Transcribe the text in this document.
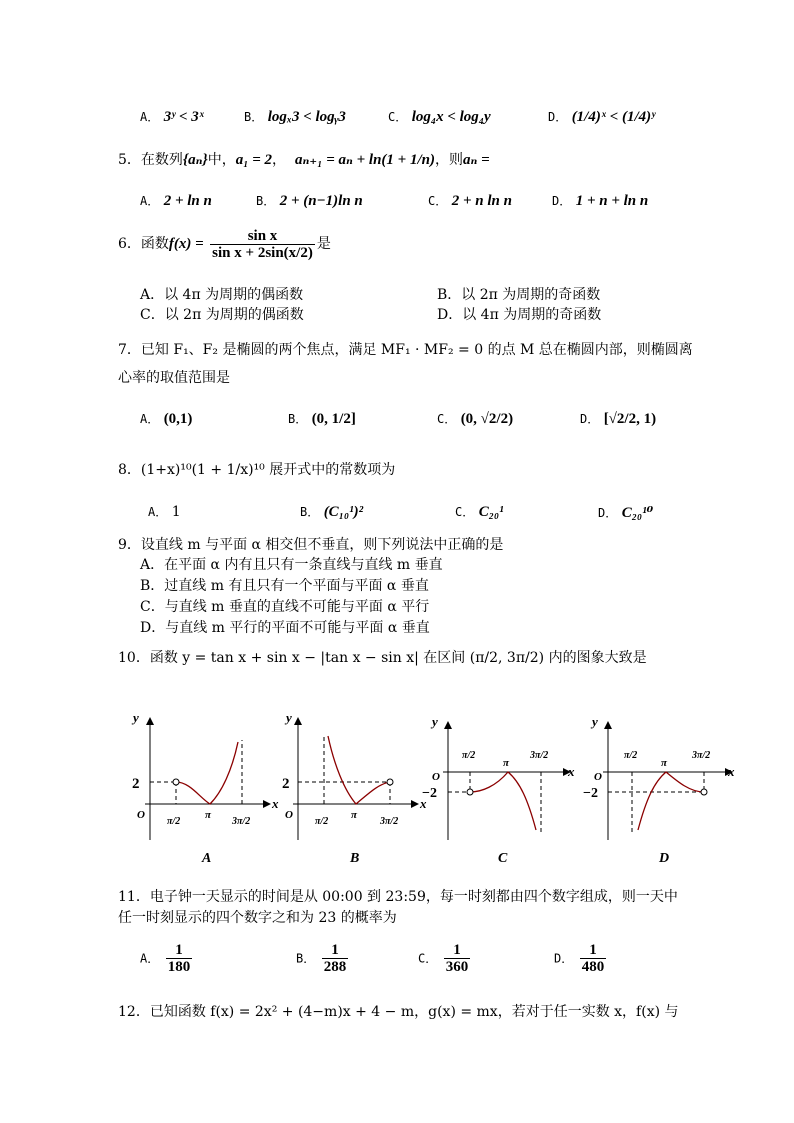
A． 3ʸ < 3ˣ	B． logₓ3 < logᵧ3	C． log₄x < log₄y	D． (1/4)ˣ < (1/4)ʸ
5．在数列{aₙ}中，a₁ = 2， aₙ₊₁ = aₙ + ln(1 + 1/n)，则aₙ =
A． 2 + ln n	B． 2 + (n−1)ln n	C． 2 + n ln n	D． 1 + n + ln n
6．函数$f(x) = \frac{\text{sin x}}{\text{sin x + 2sin(x/2)}}$ 是
A．以 4π 为周期的偶函数	B．以 2π 为周期的奇函数
C．以 2π 为周期的偶函数	D．以 4π 为周期的奇函数
7．已知 F₁、F₂ 是椭圆的两个焦点，满足 MF₁ · MF₂ = 0 的点 M 总在椭圆内部，则椭圆离
心率的取值范围是
A． (0,1)	B． (0, 1/2]	C． (0, √2/2)	D． [√2/2, 1)
8．(1+x)¹⁰(1 + 1/x)¹⁰ 展开式中的常数项为
A． 1	B． (C₁₀¹)²	C． C₂₀¹	D． C₂₀¹⁰
9．设直线 m 与平面 α 相交但不垂直，则下列说法中正确的是
A．在平面 α 内有且只有一条直线与直线 m 垂直
B．过直线 m 有且只有一个平面与平面 α 垂直
C．与直线 m 垂直的直线不可能与平面 α 平行
D．与直线 m 平行的平面不可能与平面 α 垂直
10．函数 y = tan x + sin x − |tan x − sin x| 在区间 (π/2, 3π/2) 内的图象大致是
y
x
O
2
π/2
π
3π/2
A
y
x
O
2
π/2
π
3π/2
B
y
x
O
−2
π/2
π
3π/2
C
y
x
O
−2
π/2
π
3π/2
D
11．电子钟一天显示的时间是从 00:00 到 23:59，每一时刻都由四个数字组成，则一天中
任一时刻显示的四个数字之和为 23 的概率为
A． $\frac{1}{180}$	B． $\frac{1}{288}$	C． $\frac{1}{360}$	D． $\frac{1}{480}$
12．已知函数 f(x) = 2x² + (4−m)x + 4 − m，g(x) = mx，若对于任一实数 x，f(x) 与
